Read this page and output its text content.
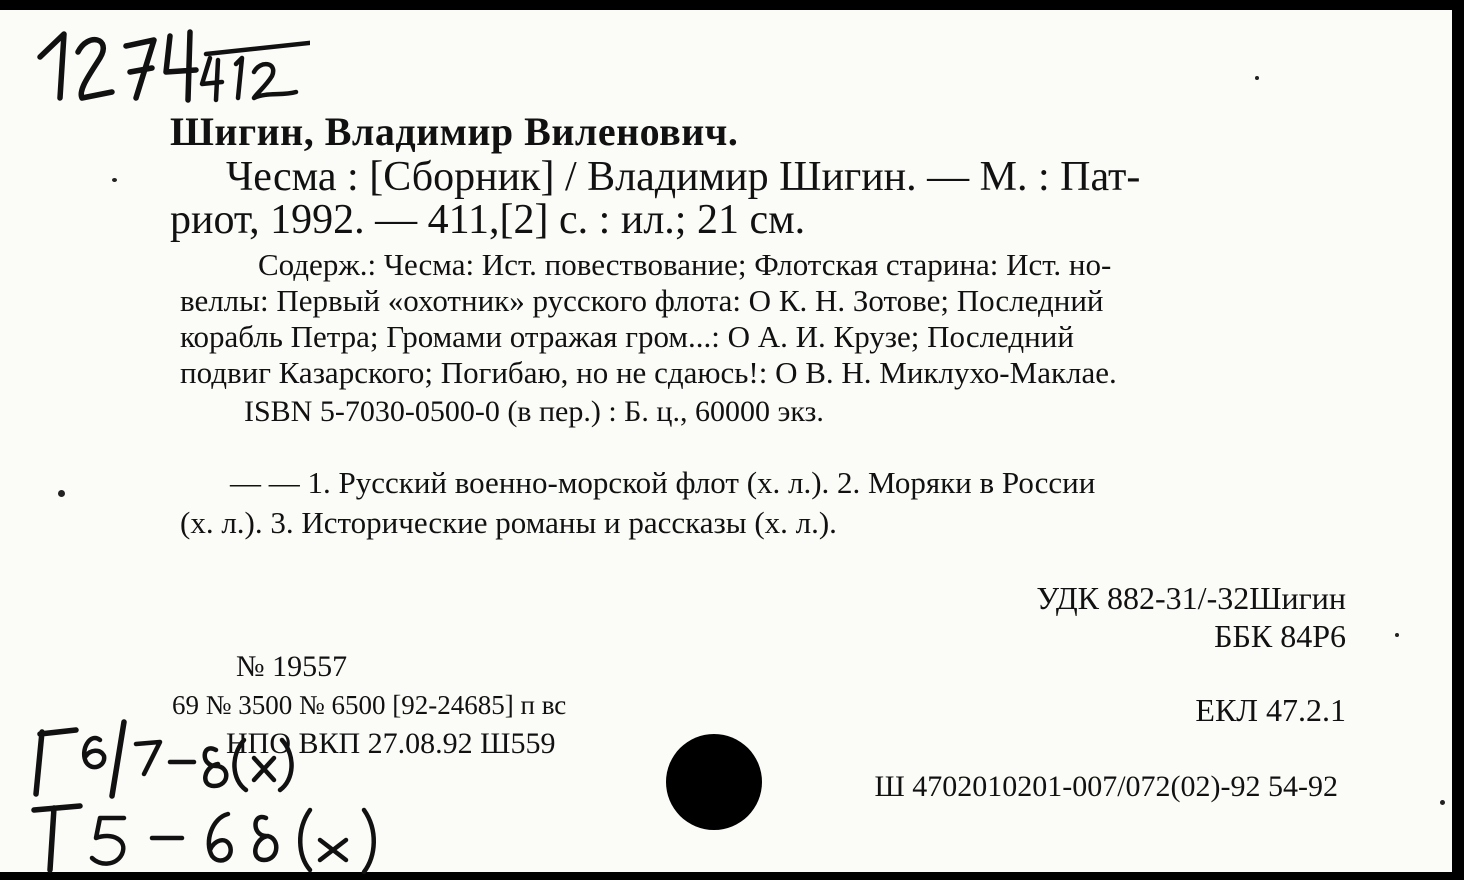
Шигин, Владимир Виленович.
Чесма : [Сборник] / Владимир Шигин. — М. : Пат-
риот, 1992. — 411,[2] с. : ил.; 21 см.
Содерж.: Чесма: Ист. повествование; Флотская старина: Ист. но-
веллы: Первый «охотник» русского флота: О К. Н. Зотове; Последний
корабль Петра; Громами отражая гром...: О А. И. Крузе; Последний
подвиг Казарского; Погибаю, но не сдаюсь!: О В. Н. Миклухо-Маклае.
ISBN 5-7030-0500-0 (в пер.) : Б. ц., 60000 экз.
— — 1. Русский военно-морской флот (х. л.). 2. Моряки в России
(х. л.). 3. Исторические романы и рассказы (х. л.).
УДК 882-31/-32Шигин
ББК 84Р6
ЕКЛ 47.2.1
№ 19557
69 № 3500 № 6500 [92-24685] п вс
НПО ВКП 27.08.92 Ш559
Ш 4702010201-007/072(02)-92 54-92
